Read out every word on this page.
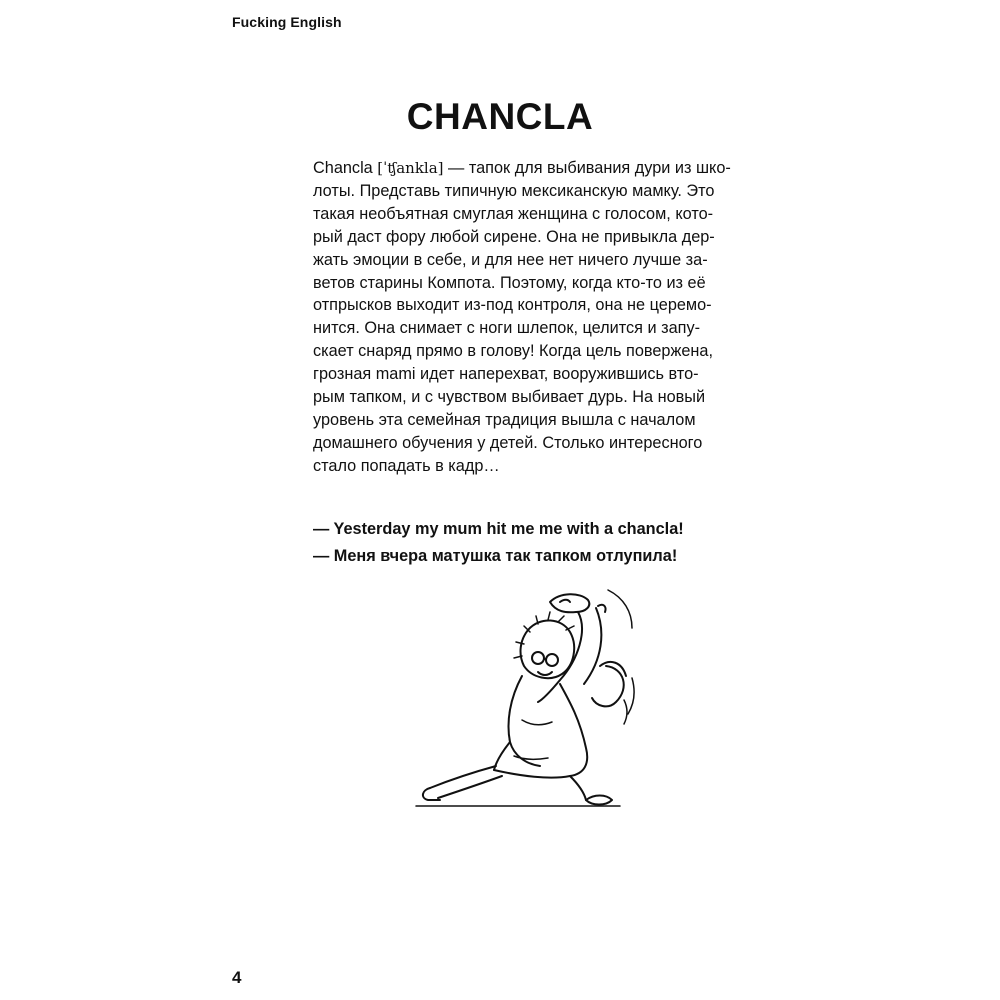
Fucking English
CHANCLA
Chancla [ˈʧankla] — тапок для выбивания дури из шко-
лоты. Представь типичную мексиканскую мамку. Это
такая необъятная смуглая женщина с голосом, кото-
рый даст фору любой сирене. Она не привыкла дер-
жать эмоции в себе, и для нее нет ничего лучше за-
ветов старины Компота. Поэтому, когда кто-то из её
отпрысков выходит из-под контроля, она не церемо-
нится. Она снимает с ноги шлепок, целится и запу-
скает снаряд прямо в голову! Когда цель повержена,
грозная mami идет наперехват, вооружившись вто-
рым тапком, и с чувством выбивает дурь. На новый
уровень эта семейная традиция вышла с началом
домашнего обучения у детей. Столько интересного
стало попадать в кадр…
— Yesterday my mum hit me me with a chancla!
— Меня вчера матушка так тапком отлупила!
4
